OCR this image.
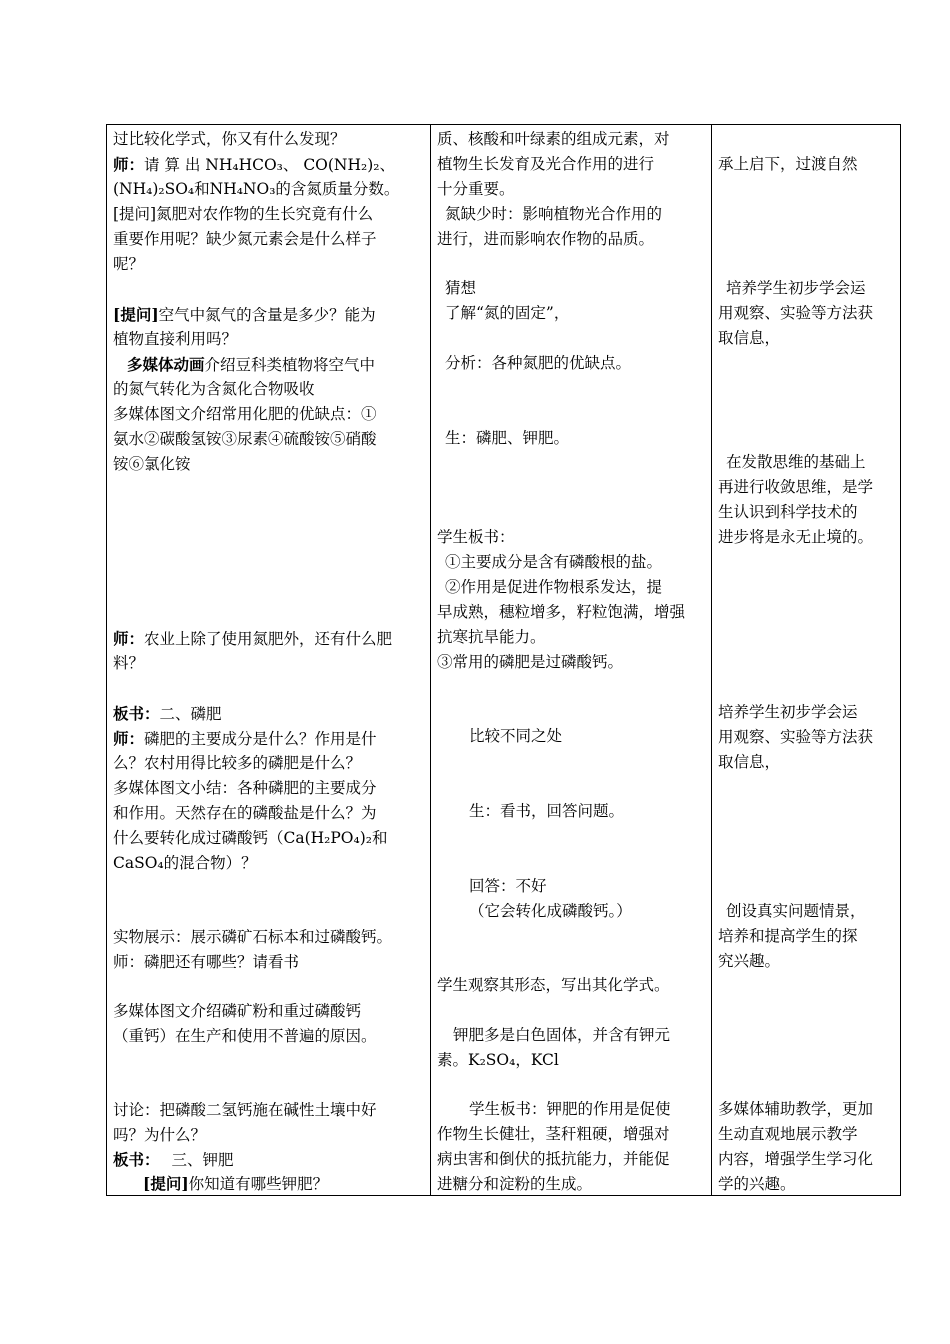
过比较化学式，你又有什么发现？
师：请 算 出 NH₄HCO₃、 CO(NH₂)₂、
(NH₄)₂SO₄和NH₄NO₃的含氮质量分数。
[提问]氮肥对农作物的生长究竟有什么
重要作用呢？缺少氮元素会是什么样子
呢？
[提问]空气中氮气的含量是多少？能为
植物直接利用吗？
多媒体动画介绍豆科类植物将空气中
的氮气转化为含氮化合物吸收
多媒体图文介绍常用化肥的优缺点：①
氨水②碳酸氢铵③尿素④硫酸铵⑤硝酸
铵⑥氯化铵
师：农业上除了使用氮肥外，还有什么肥
料？
板书：二、磷肥
师：磷肥的主要成分是什么？作用是什
么？农村用得比较多的磷肥是什么？
多媒体图文小结：各种磷肥的主要成分
和作用。天然存在的磷酸盐是什么？为
什么要转化成过磷酸钙（Ca(H₂PO₄)₂和
CaSO₄的混合物）？
实物展示：展示磷矿石标本和过磷酸钙。
师：磷肥还有哪些？请看书
多媒体图文介绍磷矿粉和重过磷酸钙
（重钙）在生产和使用不普遍的原因。
讨论：把磷酸二氢钙施在碱性土壤中好
吗？为什么？
板书： 三、钾肥
[提问]你知道有哪些钾肥？

质、核酸和叶绿素的组成元素，对
植物生长发育及光合作用的进行
十分重要。
氮缺少时：影响植物光合作用的
进行，进而影响农作物的品质。
猜想
了解“氮的固定”，
分析：各种氮肥的优缺点。
生：磷肥、钾肥。
学生板书：
①主要成分是含有磷酸根的盐。
②作用是促进作物根系发达，提
早成熟，穗粒增多，籽粒饱满，增强
抗寒抗旱能力。
③常用的磷肥是过磷酸钙。
比较不同之处
生：看书，回答问题。
回答：不好
（它会转化成磷酸钙。）
学生观察其形态，写出其化学式。
钾肥多是白色固体，并含有钾元
素。K₂SO₄，KCl
学生板书：钾肥的作用是促使
作物生长健壮，茎秆粗硬，增强对
病虫害和倒伏的抵抗能力，并能促
进糖分和淀粉的生成。

承上启下，过渡自然
培养学生初步学会运
用观察、实验等方法获
取信息，
在发散思维的基础上
再进行收敛思维，是学
生认识到科学技术的
进步将是永无止境的。
培养学生初步学会运
用观察、实验等方法获
取信息，
创设真实问题情景，
培养和提高学生的探
究兴趣。
多媒体辅助教学，更加
生动直观地展示教学
内容，增强学生学习化
学的兴趣。
